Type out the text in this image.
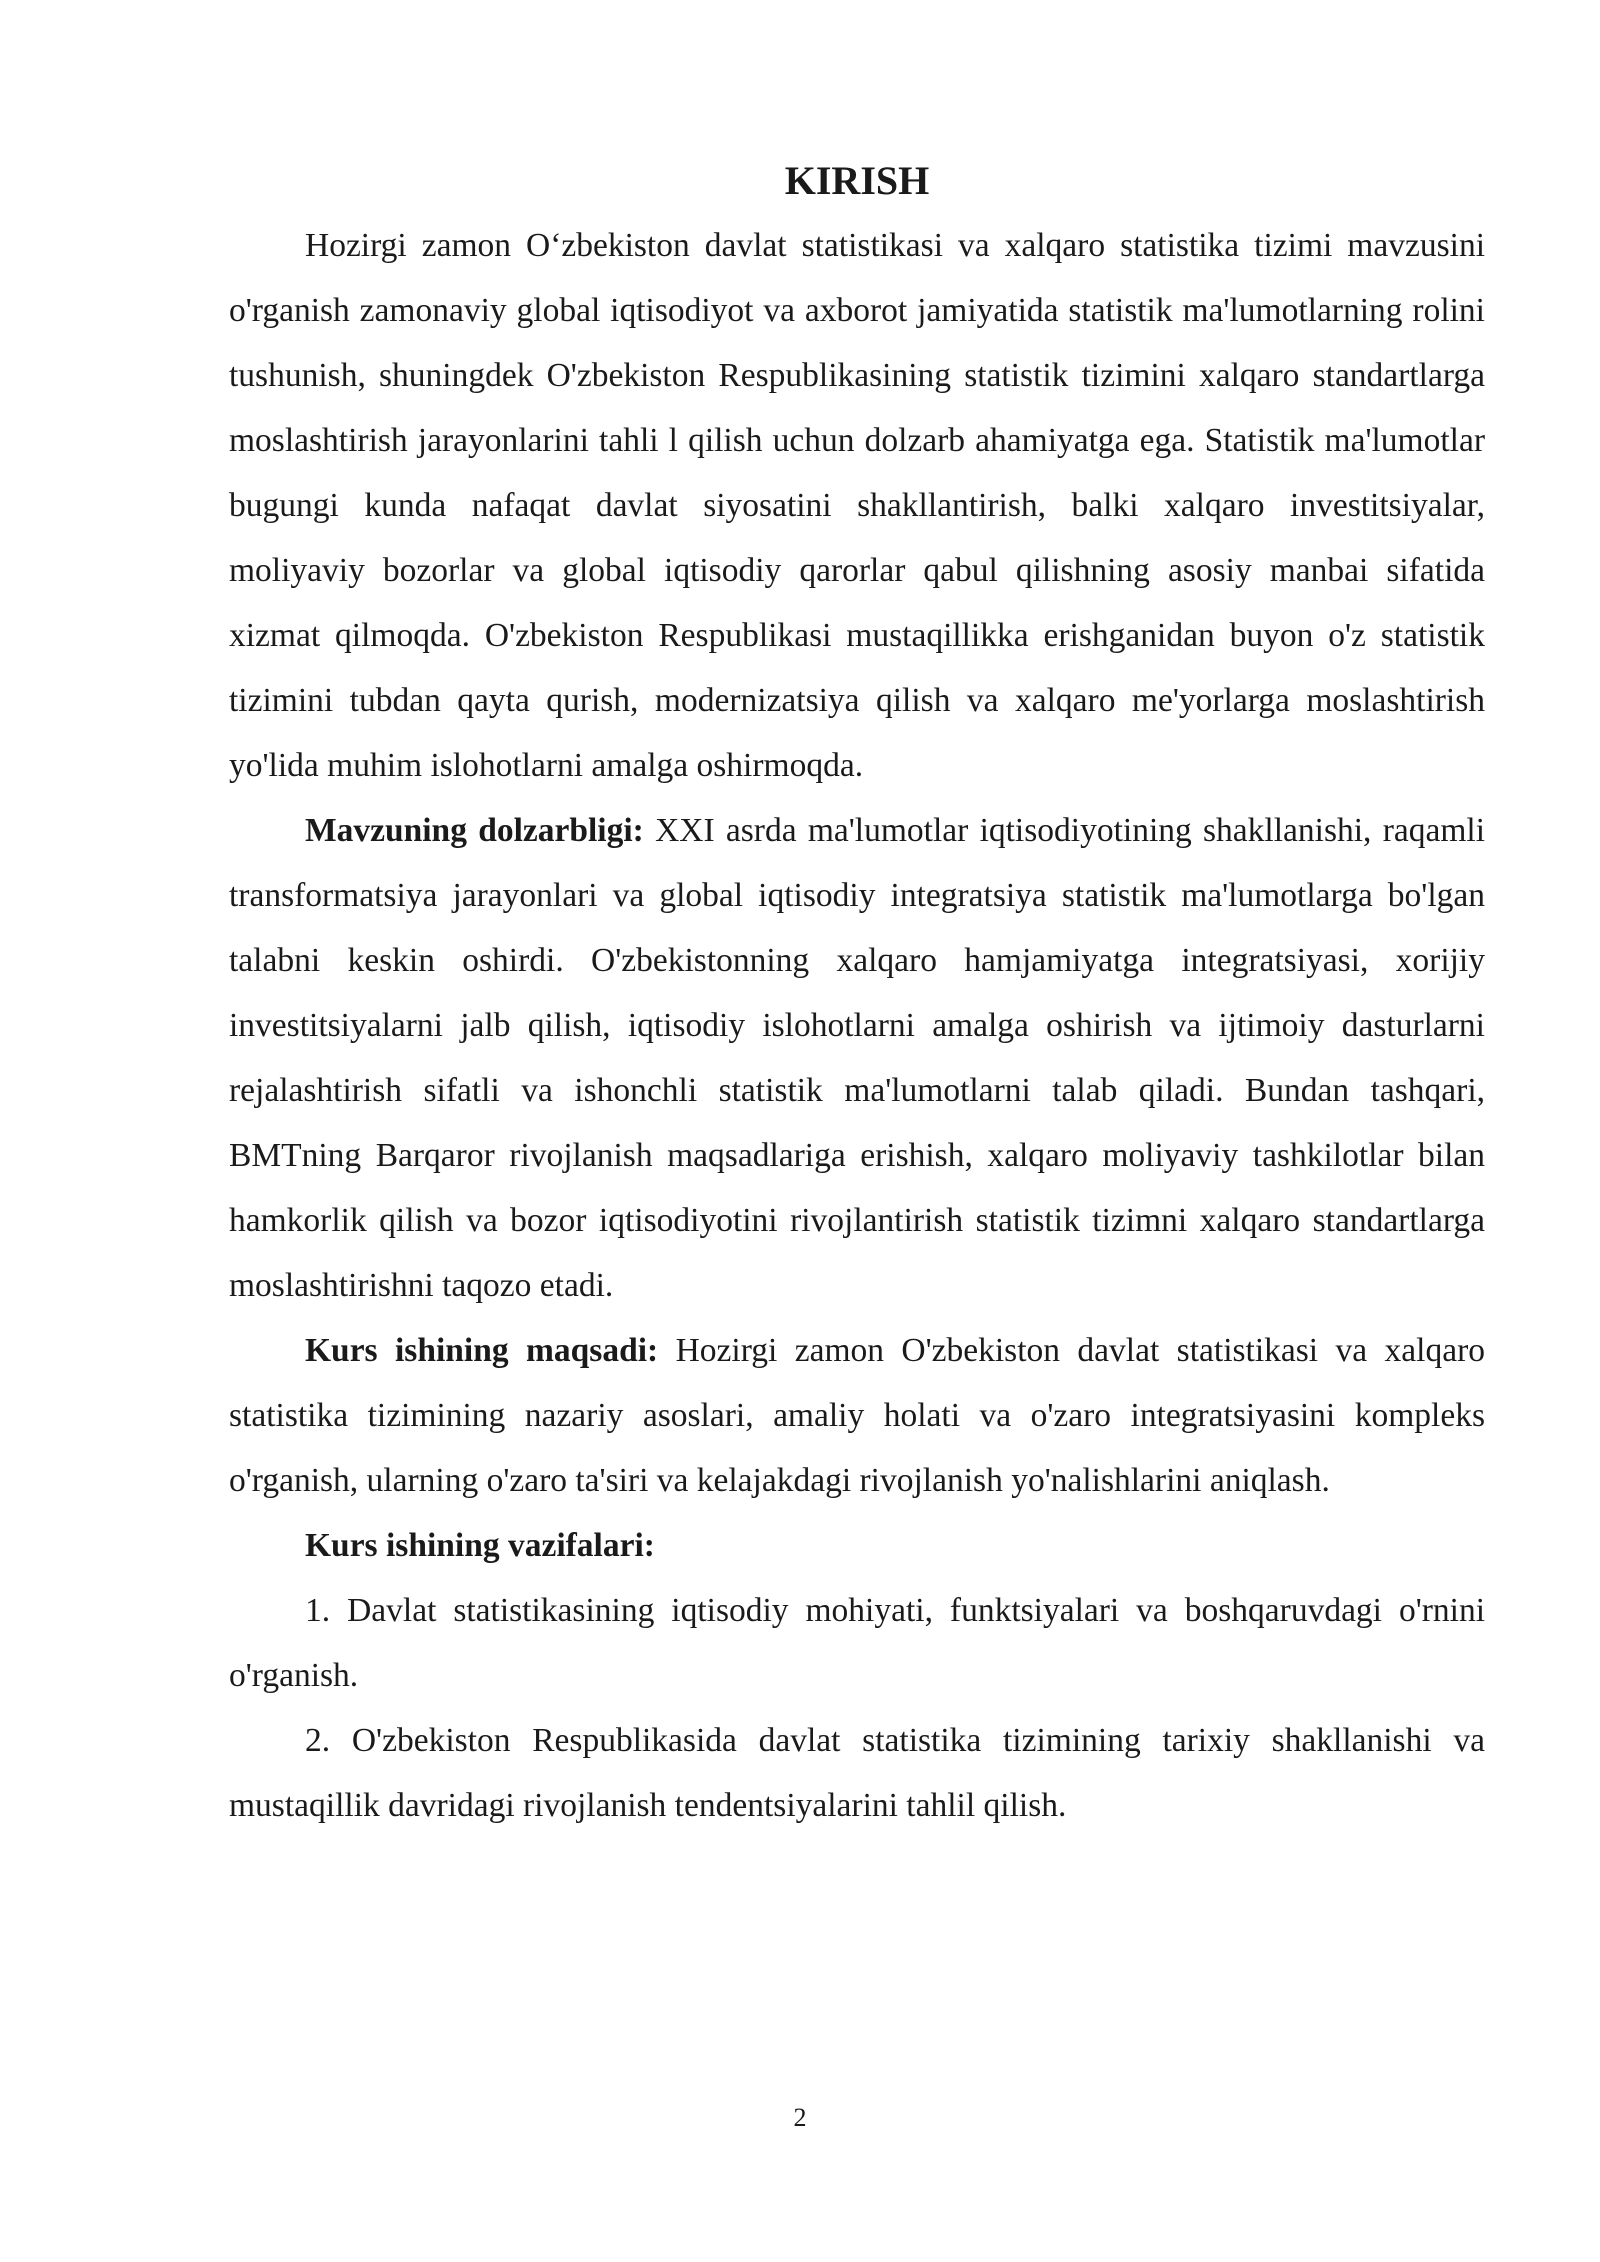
KIRISH

Hozirgi zamon O‘zbekiston davlat statistikasi va xalqaro statistika tizimi mavzusini o'rganish zamonaviy global iqtisodiyot va axborot jamiyatida statistik ma'lumotlarning rolini tushunish, shuningdek O'zbekiston Respublikasining statistik tizimini xalqaro standartlarga moslashtirish jarayonlarini tahli l qilish uchun dolzarb ahamiyatga ega. Statistik ma'lumotlar bugungi kunda nafaqat davlat siyosatini shakllantirish, balki xalqaro investitsiyalar, moliyaviy bozorlar va global iqtisodiy qarorlar qabul qilishning asosiy manbai sifatida xizmat qilmoqda. O'zbekiston Respublikasi mustaqillikka erishganidan buyon o'z statistik tizimini tubdan qayta qurish, modernizatsiya qilish va xalqaro me'yorlarga moslashtirish yo'lida muhim islohotlarni amalga oshirmoqda.

Mavzuning dolzarbligi: XXI asrda ma'lumotlar iqtisodiyotining shakllanishi, raqamli transformatsiya jarayonlari va global iqtisodiy integratsiya statistik ma'lumotlarga bo'lgan talabni keskin oshirdi. O'zbekistonning xalqaro hamjamiyatga integratsiyasi, xorijiy investitsiyalarni jalb qilish, iqtisodiy islohotlarni amalga oshirish va ijtimoiy dasturlarni rejalashtirish sifatli va ishonchli statistik ma'lumotlarni talab qiladi. Bundan tashqari, BMTning Barqaror rivojlanish maqsadlariga erishish, xalqaro moliyaviy tashkilotlar bilan hamkorlik qilish va bozor iqtisodiyotini rivojlantirish statistik tizimni xalqaro standartlarga moslashtirishni taqozo etadi.

Kurs ishining maqsadi: Hozirgi zamon O'zbekiston davlat statistikasi va xalqaro statistika tizimining nazariy asoslari, amaliy holati va o'zaro integratsiyasini kompleks o'rganish, ularning o'zaro ta'siri va kelajakdagi rivojlanish yo'nalishlarini aniqlash.

Kurs ishining vazifalari:

1. Davlat statistikasining iqtisodiy mohiyati, funktsiyalari va boshqaruvdagi o'rnini o'rganish.

2. O'zbekiston Respublikasida davlat statistika tizimining tarixiy shakllanishi va mustaqillik davridagi rivojlanish tendentsiyalarini tahlil qilish.

2
